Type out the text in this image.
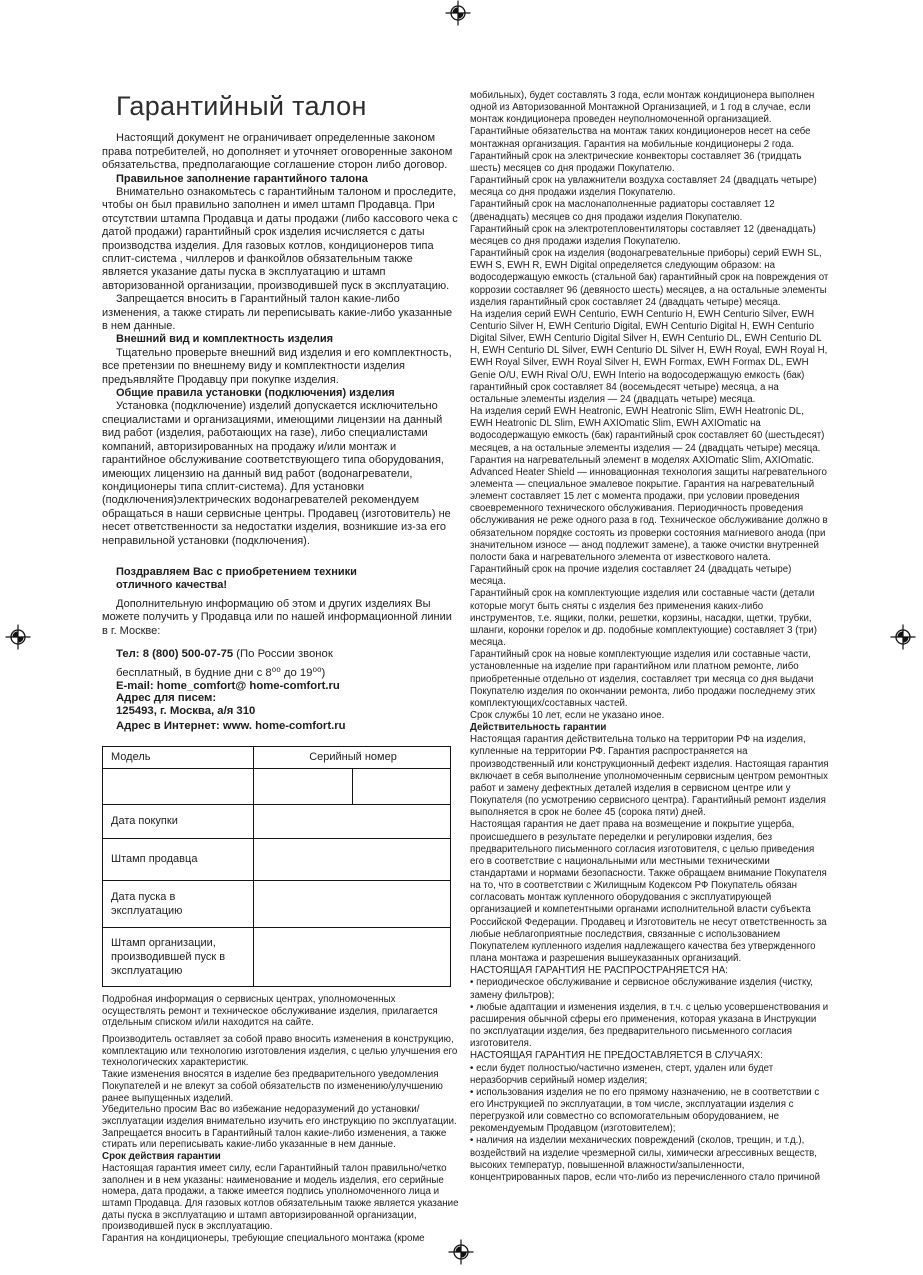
Гарантийный талон

Настоящий документ не ограничивает определенные законом права потребителей, но дополняет и уточняет оговоренные законом обязательства, предполагающие соглашение сторон либо договор.

Правильное заполнение гарантийного талона

Внимательно ознакомьтесь с гарантийным талоном и проследите, чтобы он был правильно заполнен и имел штамп Продавца. При отсутствии штампа Продавца и даты продажи (либо кассового чека с датой продажи) гарантийный срок изделия исчисляется с даты производства изделия. Для газовых котлов, кондиционеров типа сплит-система , чиллеров и фанкойлов обязательным также является указание даты пуска в эксплуатацию и штамп авторизованной организации, производившей пуск в эксплуатацию.

Запрещается вносить в Гарантийный талон какие-либо изменения, а также стирать ли переписывать какие-либо указанные в нем данные.

Внешний вид и комплектность изделия

Тщательно проверьте внешний вид изделия и его комплектность, все претензии по внешнему виду и комплектности изделия предъявляйте Продавцу при покупке изделия.

Общие правила установки (подключения) изделия

Установка (подключение) изделий допускается исключительно специалистами и организациями, имеющими лицензии на данный вид работ (изделия, работающих на газе), либо специалистами компаний, авторизированных на продажу и/или монтаж и гарантийное обслуживание соответствующего типа оборудования, имеющих лицензию на данный вид работ (водонагреватели, кондиционеры типа сплит-система). Для установки (подключения)электрических водонагревателей рекомендуем обращаться в наши сервисные центры. Продавец (изготовитель) не несет ответственности за недостатки изделия, возникшие из-за его неправильной установки (подключения).

Поздравляем Вас с приобретением техники

отличного качества!

Дополнительную информацию об этом и других изделиях Вы можете получить у Продавца или по нашей информационной линии в г. Москве:

Тел: 8 (800) 500-07-75 (По России звонок

бесплатный, в будние дни с 8⁰⁰ до 19⁰⁰)

E-mail: home_comfort@ home-comfort.ru

Адрес для писем:

125493, г. Москва, а/я 310

Адрес в Интернет: www. home-comfort.ru

Модель	Серийный номер	

Дата покупки		
Штамп продавца		
Дата пуска в эксплуатацию		
Штамп организации, производившей пуск в эксплуатацию		

Подробная информация о сервисных центрах, уполномоченных осуществлять ремонт и техническое обслуживание изделия, прилагается отдельным списком и/или находится на сайте.

Производитель оставляет за собой право вносить изменения в конструкцию, комплектацию или технологию изготовления изделия, с целью улучшения его технологических характеристик.

Такие изменения вносятся в изделие без предварительного уведомления Покупателей и не влекут за собой обязательств по изменению/улучшению ранее выпущенных изделий.

Убедительно просим Вас во избежание недоразумений до установки/эксплуатации изделия внимательно изучить его инструкцию по эксплуатации.

Запрещается вносить в Гарантийный талон какие-либо изменения, а также стирать или переписывать какие-либо указанные в нем данные.

Срок действия гарантии

Настоящая гарантия имеет силу, если Гарантийный талон правильно/четко заполнен и в нем указаны: наименование и модель изделия, его серийные номера, дата продажи, а также имеется подпись уполномоченного лица и штамп Продавца. Для газовых котлов обязательным также является указание даты пуска в эксплуатацию и штамп авторизированной организации, производившей пуск в эксплуатацию.

Гарантия на кондиционеры, требующие специального монтажа (кроме

мобильных), будет составлять 3 года, если монтаж кондиционера выполнен одной из Авторизованной Монтажной Организацией, и 1 год в случае, если монтаж кондиционера проведен неуполномоченной организацией. Гарантийные обязательства на монтаж таких кондиционеров несет на себе монтажная организация. Гарантия на мобильные кондиционеры 2 года.

Гарантийный срок на электрические конвекторы составляет 36 (тридцать шесть) месяцев со дня продажи Покупателю.

Гарантийный срок на увлажнители воздуха составляет 24 (двадцать четыре) месяца со дня продажи изделия Покупателю.

Гарантийный срок на маслонаполненные радиаторы составляет 12 (двенадцать) месяцев со дня продажи изделия Покупателю.

Гарантийный срок на электротепловентиляторы составляет 12 (двенадцать) месяцев со дня продажи изделия Покупателю.

Гарантийный срок на изделия (водонагревательные приборы) серий EWH SL, EWH S, EWH R, EWH Digital определяется следующим образом: на водосодержащую емкость (стальной бак) гарантийный срок на повреждения от коррозии составляет 96 (девяносто шесть) месяцев, а на остальные элементы изделия гарантийный срок составляет 24 (двадцать четыре) месяца.

На изделия серий EWH Centurio, EWH Centurio H, EWH Centurio Silver, EWH Centurio Silver H, EWH Centurio Digital, EWH Centurio Digital H, EWH Centurio Digital Silver, EWH Centurio Digital Silver H, EWH Centurio DL, EWH Centurio DL H, EWH Centurio DL Silver, EWH Centurio DL Silver H, EWH Royal, EWH Royal H, EWH Royal Silver, EWH Royal Silver H, EWH Formax, EWH Formax DL, EWH Genie O/U, EWH Rival O/U, EWH Interio на водосодержащую емкость (бак) гарантийный срок составляет 84 (восемьдесят четыре) месяца, а на остальные элементы изделия — 24 (двадцать четыре) месяца.

На изделия серий EWH Heatronic, EWH Heatronic Slim, EWH Heatronic DL, EWH Heatronic DL Slim, EWH AXIOmatic Slim, EWH AXIOmatic на водосодержащую емкость (бак) гарантийный срок составляет 60 (шестьдесят) месяцев, а на остальные элементы изделия — 24 (двадцать четыре) месяца.

Гарантия на нагревательный элемент в моделях AXIOmatic Slim, AXIOmatic. Advanced Heater Shield — инновационная технология защиты нагревательного элемента — специальное эмалевое покрытие. Гарантия на нагревательный элемент составляет 15 лет с момента продажи, при условии проведения своевременного технического обслуживания. Периодичность проведения обслуживания не реже одного раза в год. Техническое обслуживание должно в обязательном порядке состоять из проверки состояния магниевого анода (при значительном износе — анод подлежит замене), а также очистки внутренней полости бака и нагревательного элемента от известкового налета.

Гарантийный срок на прочие изделия составляет 24 (двадцать четыре) месяца.

Гарантийный срок на комплектующие изделия или составные части (детали которые могут быть сняты с изделия без применения каких-либо инструментов, т.е. ящики, полки, решетки, корзины, насадки, щетки, трубки, шланги, коронки горелок и др. подобные комплектующие) составляет 3 (три) месяца.

Гарантийный срок на новые комплектующие изделия или составные части, установленные на изделие при гарантийном или платном ремонте, либо приобретенные отдельно от изделия, составляет три месяца со дня выдачи Покупателю изделия по окончании ремонта, либо продажи последнему этих комплектующих/составных частей.

Срок службы 10 лет, если не указано иное.

Действительность гарантии

Настоящая гарантия действительна только на территории РФ на изделия, купленные на территории РФ. Гарантия распространяется на производственный или конструкционный дефект изделия. Настоящая гарантия включает в себя выполнение уполномоченным сервисным центром ремонтных работ и замену дефектных деталей изделия в сервисном центре или у Покупателя (по усмотрению сервисного центра). Гарантийный ремонт изделия выполняется в срок не более 45 (сорока пяти) дней.

Настоящая гарантия не дает права на возмещение и покрытие ущерба, происшедшего в результате переделки и регулировки изделия, без предварительного письменного согласия изготовителя, с целью приведения его в соответствие с национальными или местными техническими стандартами и нормами безопасности. Также обращаем внимание Покупателя на то, что в соответствии с Жилищным Кодексом РФ Покупатель обязан согласовать монтаж купленного оборудования с эксплуатирующей организацией и компетентными органами исполнительной власти субъекта Российской Федерации. Продавец и Изготовитель не несут ответственность за любые неблагоприятные последствия, связанные с использованием Покупателем купленного изделия надлежащего качества без утвержденного плана монтажа и разрешения вышеуказанных организаций.

НАСТОЯЩАЯ ГАРАНТИЯ НЕ РАСПРОСТРАНЯЕТСЯ НА:

• периодическое обслуживание и сервисное обслуживание изделия (чистку, замену фильтров);

• любые адаптации и изменения изделия, в т.ч. с целью усовершенствования и расширения обычной сферы его применения, которая указана в Инструкции по эксплуатации изделия, без предварительного письменного согласия изготовителя.

НАСТОЯЩАЯ ГАРАНТИЯ НЕ ПРЕДОСТАВЛЯЕТСЯ В СЛУЧАЯХ:

• если будет полностью/частично изменен, стерт, удален или будет неразборчив серийный номер изделия;

• использования изделия не по его прямому назначению, не в соответствии с его Инструкцией по эксплуатации, в том числе, эксплуатации изделия с перегрузкой или совместно со вспомогательным оборудованием, не рекомендуемым Продавцом (изготовителем);

• наличия на изделии механических повреждений (сколов, трещин, и т.д.), воздействий на изделие чрезмерной силы, химически агрессивных веществ, высоких температур, повышенной влажности/запыленности, концентрированных паров, если что-либо из перечисленного стало причиной
